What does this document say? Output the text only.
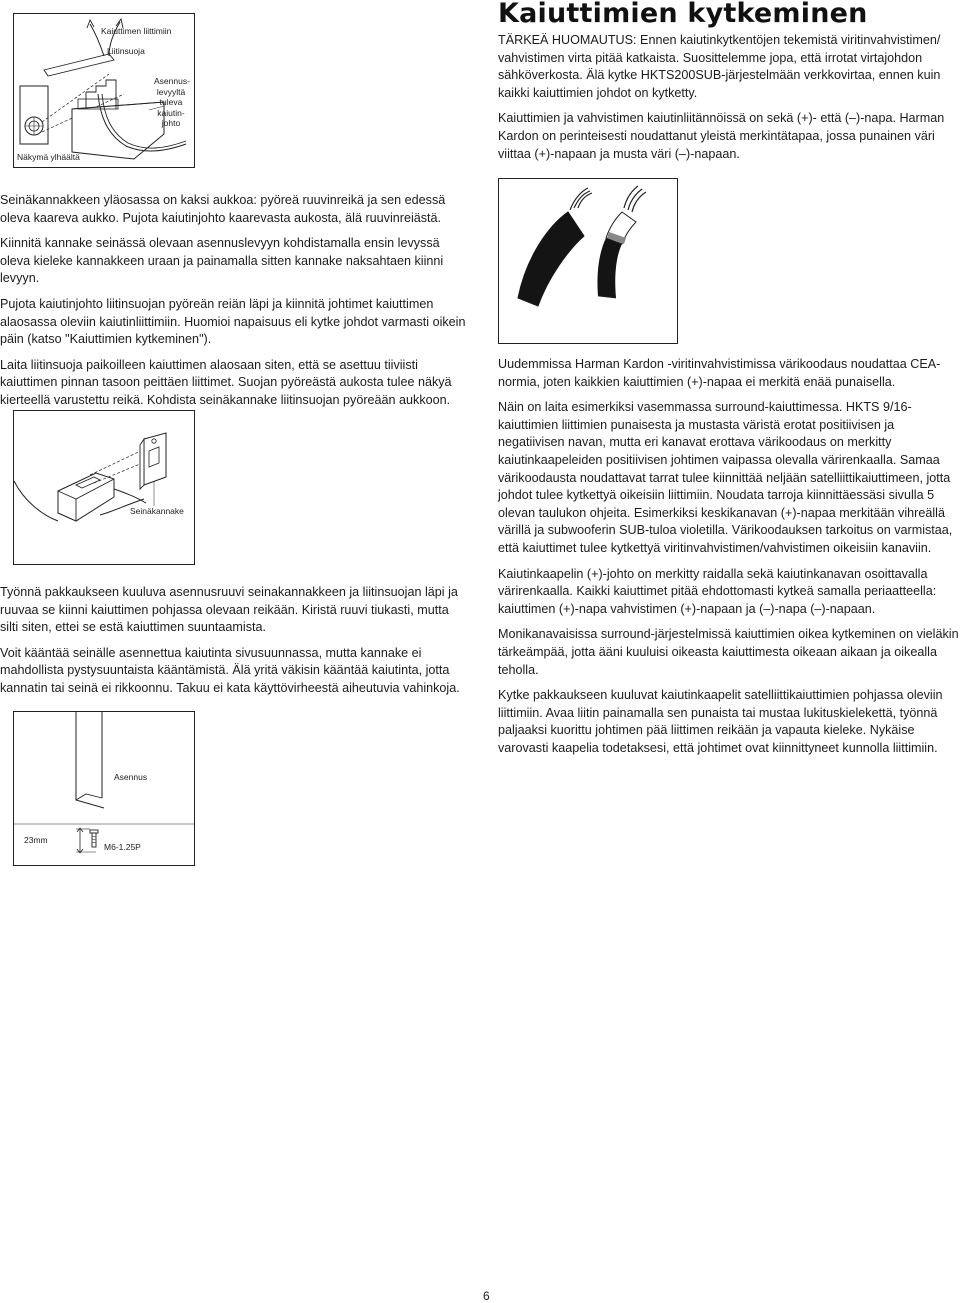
Kaiuttimen liittimiin
Liitinsuoja
Asennus-
levyyltä
tuleva
kaiutin-
johto
Näkymä ylhäältä
Kaiuttimien kytkeminen

TÄRKEÄ HUOMAUTUS: Ennen kaiutinkytkentöjen tekemistä viritinvahvistimen/ vahvistimen virta pitää katkaista. Suosittelemme jopa, että irrotat virtajohdon sähköverkosta. Älä kytke HKTS200SUB-järjestelmään verkkovirtaa, ennen kuin kaikki kaiuttimien johdot on kytketty.

Kaiuttimien ja vahvistimen kaiutinliitännöissä on sekä (+)- että (–)-napa. Harman Kardon on perinteisesti noudattanut yleistä merkintätapaa, jossa punainen väri viittaa (+)-napaan ja musta väri (–)-napaan.

Uudemmissa Harman Kardon -viritinvahvistimissa värikoodaus noudattaa CEA-normia, joten kaikkien kaiuttimien (+)-napaa ei merkitä enää punaisella.

Näin on laita esimerkiksi vasemmassa surround-kaiuttimessa. HKTS 9/16-kaiuttimien liittimien punaisesta ja mustasta väristä erotat positiivisen ja negatiivisen navan, mutta eri kanavat erottava värikoodaus on merkitty kaiutinkaapeleiden positiivisen johtimen vaipassa olevalla värirenkaalla. Samaa värikoodausta noudattavat tarrat tulee kiinnittää neljään satelliittikaiuttimeen, jotta johdot tulee kytkettyä oikeisiin liittimiin. Noudata tarroja kiinnittäessäsi sivulla 5 olevan taulukon ohjeita. Esimerkiksi keskikanavan (+)-napaa merkitään vihreällä värillä ja subwooferin SUB-tuloa violetilla. Värikoodauksen tarkoitus on varmistaa, että kaiuttimet tulee kytkettyä viritinvahvistimen/vahvistimen oikeisiin kanaviin.

Kaiutinkaapelin (+)-johto on merkitty raidalla sekä kaiutinkanavan osoittavalla värirenkaalla. Kaikki kaiuttimet pitää ehdottomasti kytkeä samalla periaatteella: kaiuttimen (+)-napa vahvistimen (+)-napaan ja (–)-napa (–)-napaan.

Monikanavaisissa surround-järjestelmissä kaiuttimien oikea kytkeminen on vieläkin tärkeämpää, jotta ääni kuuluisi oikeasta kaiuttimesta oikeaan aikaan ja oikealla teholla.

Kytke pakkaukseen kuuluvat kaiutinkaapelit satelliittikaiuttimien pohjassa oleviin liittimiin. Avaa liitin painamalla sen punaista tai mustaa lukituskielekettä, työnnä paljaaksi kuorittu johtimen pää liittimen reikään ja vapauta kieleke. Nykäise varovasti kaapelia todetaksesi, että johtimet ovat kiinnittyneet kunnolla liittimiin.

Seinäkannakkeen yläosassa on kaksi aukkoa: pyöreä ruuvinreikä ja sen edessä oleva kaareva aukko. Pujota kaiutinjohto kaarevasta aukosta, älä ruuvinreiästä.

Kiinnitä kannake seinässä olevaan asennuslevyyn kohdistamalla ensin levyssä oleva kieleke kannakkeen uraan ja painamalla sitten kannake naksahtaen kiinni levyyn.

Pujota kaiutinjohto liitinsuojan pyöreän reiän läpi ja kiinnitä johtimet kaiuttimen alaosassa oleviin kaiutinliittimiin. Huomioi napaisuus eli kytke johdot varmasti oikein päin (katso "Kaiuttimien kytkeminen").

Laita liitinsuoja paikoilleen kaiuttimen alaosaan siten, että se asettuu tiiviisti kaiuttimen pinnan tasoon peittäen liittimet. Suojan pyöreästä aukosta tulee näkyä kierteellä varustettu reikä. Kohdista seinäkannake liitinsuojan pyöreään aukkoon.

Seinäkannake

Työnnä pakkaukseen kuuluva asennusruuvi seinakannakkeen ja liitinsuojan läpi ja ruuvaa se kiinni kaiuttimen pohjassa olevaan reikään. Kiristä ruuvi tiukasti, mutta silti siten, ettei se estä kaiuttimen suuntaamista.

Voit kääntää seinälle asennettua kaiutinta sivusuunnassa, mutta kannake ei mahdollista pystysuuntaista kääntämistä. Älä yritä väkisin kääntää kaiutinta, jotta kannatin tai seinä ei rikkoonnu. Takuu ei kata käyttövirheestä aiheutuvia vahinkoja.

Asennus
23mm
M6-1.25P
6
